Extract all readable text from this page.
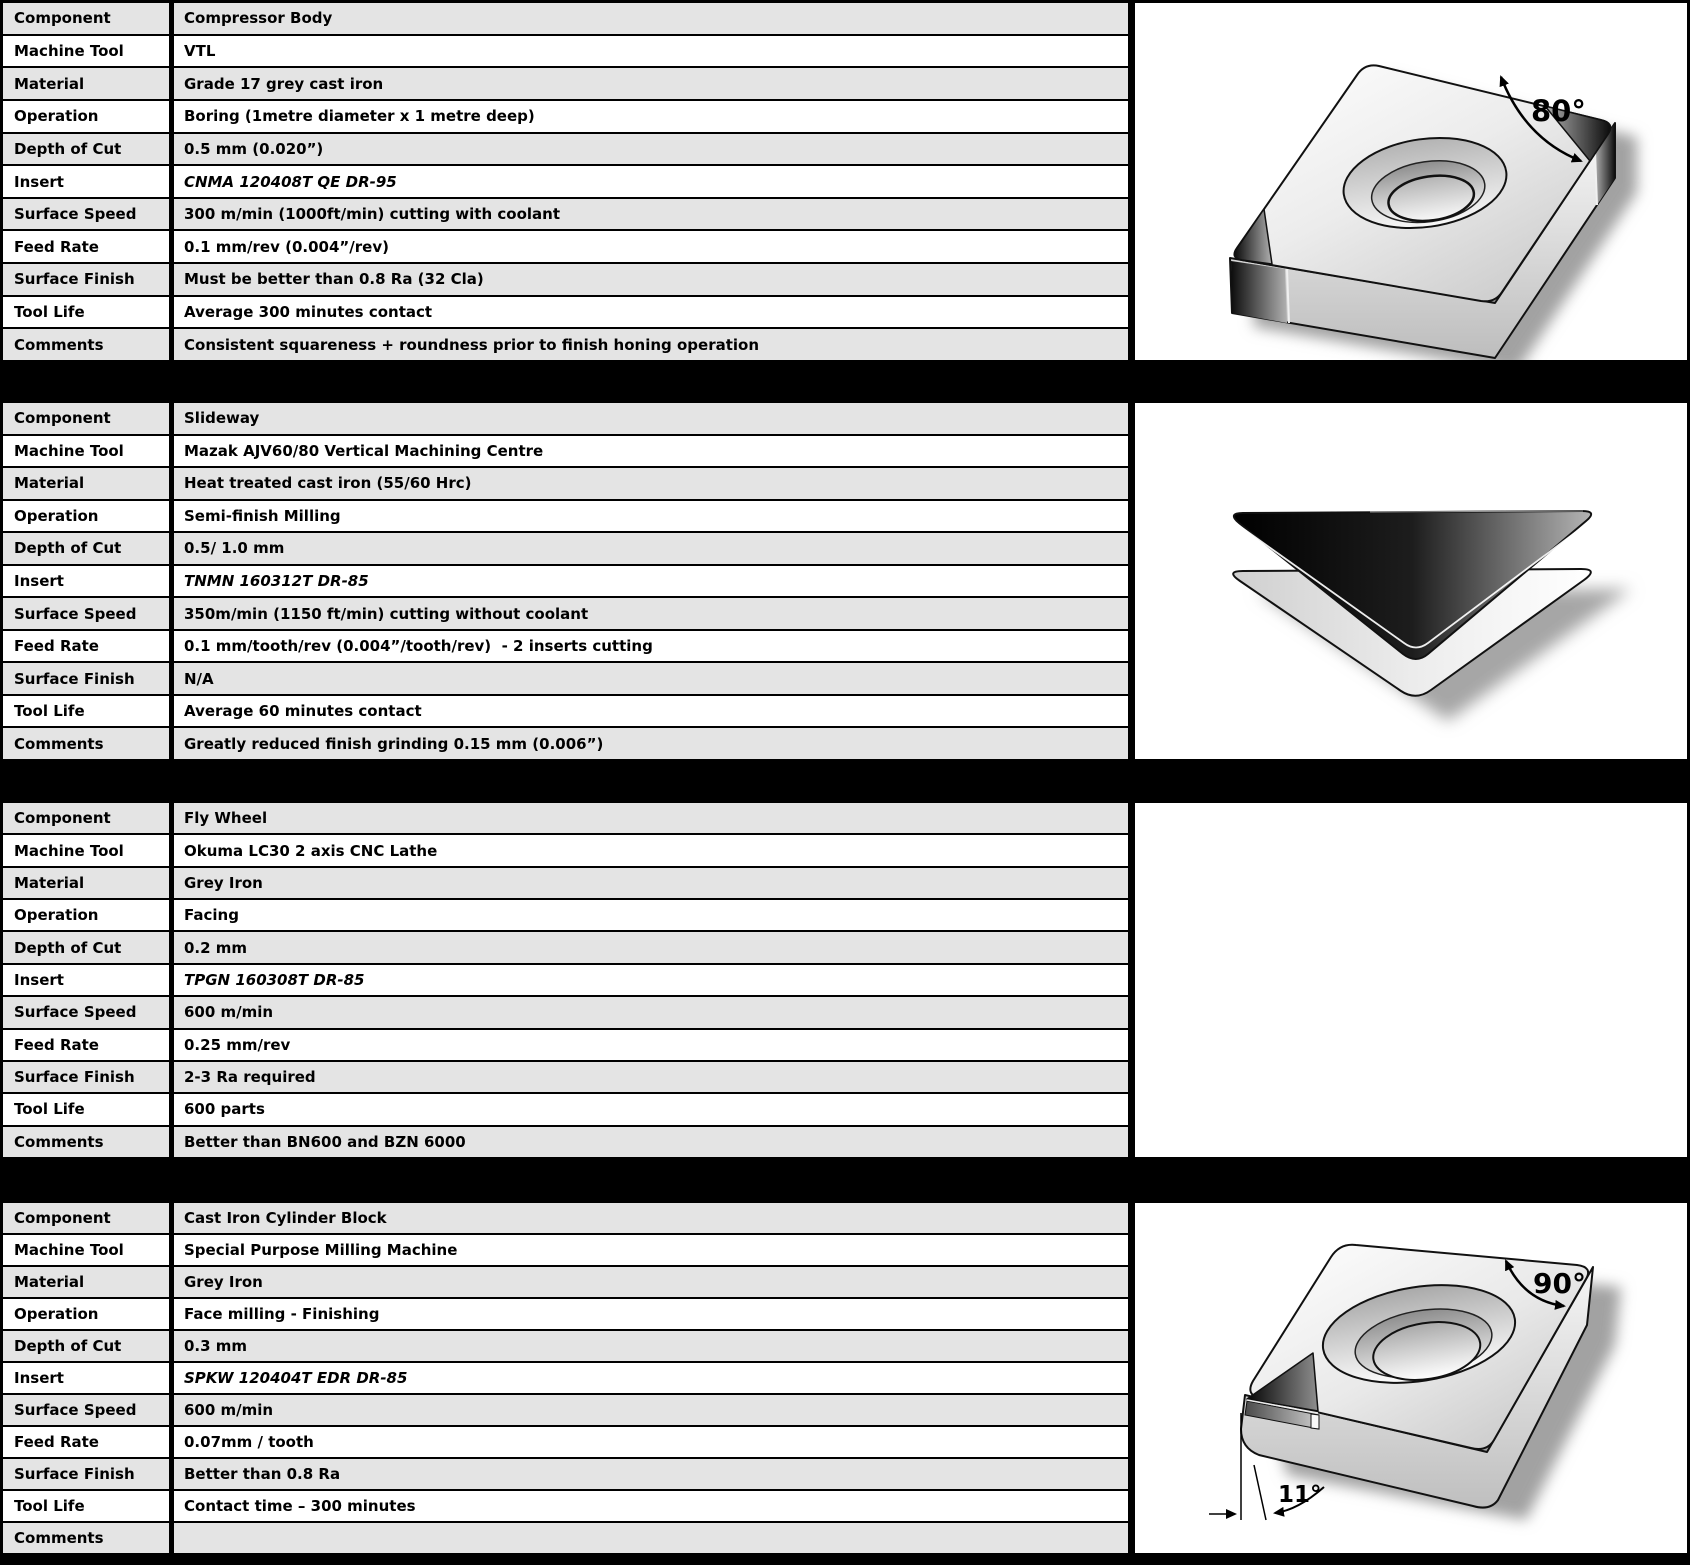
Component	Compressor Body
Machine Tool	VTL
Material	Grade 17 grey cast iron
Operation	Boring (1metre diameter x 1 metre deep)
Depth of Cut	0.5 mm (0.020”)
Insert	CNMA 120408T QE DR-95
Surface Speed	300 m/min (1000ft/min) cutting with coolant
Feed Rate	0.1 mm/rev (0.004”/rev)
Surface Finish	Must be better than 0.8 Ra (32 Cla)
Tool Life	Average 300 minutes contact
Comments	Consistent squareness + roundness prior to finish honing operation
80°
Component	Slideway
Machine Tool	Mazak AJV60/80 Vertical Machining Centre
Material	Heat treated cast iron (55/60 Hrc)
Operation	Semi-finish Milling
Depth of Cut	0.5/ 1.0 mm
Insert	TNMN 160312T DR-85
Surface Speed	350m/min (1150 ft/min) cutting without coolant
Feed Rate	0.1 mm/tooth/rev (0.004”/tooth/rev)  - 2 inserts cutting
Surface Finish	N/A
Tool Life	Average 60 minutes contact
Comments	Greatly reduced finish grinding 0.15 mm (0.006”)
Component	Fly Wheel
Machine Tool	Okuma LC30 2 axis CNC Lathe
Material	Grey Iron
Operation	Facing
Depth of Cut	0.2 mm
Insert	TPGN 160308T DR-85
Surface Speed	600 m/min
Feed Rate	0.25 mm/rev
Surface Finish	2-3 Ra required
Tool Life	600 parts
Comments	Better than BN600 and BZN 6000
Component	Cast Iron Cylinder Block
Machine Tool	Special Purpose Milling Machine
Material	Grey Iron
Operation	Face milling - Finishing
Depth of Cut	0.3 mm
Insert	SPKW 120404T EDR DR-85
Surface Speed	600 m/min
Feed Rate	0.07mm / tooth
Surface Finish	Better than 0.8 Ra
Tool Life	Contact time – 300 minutes
Comments
90°
11°
